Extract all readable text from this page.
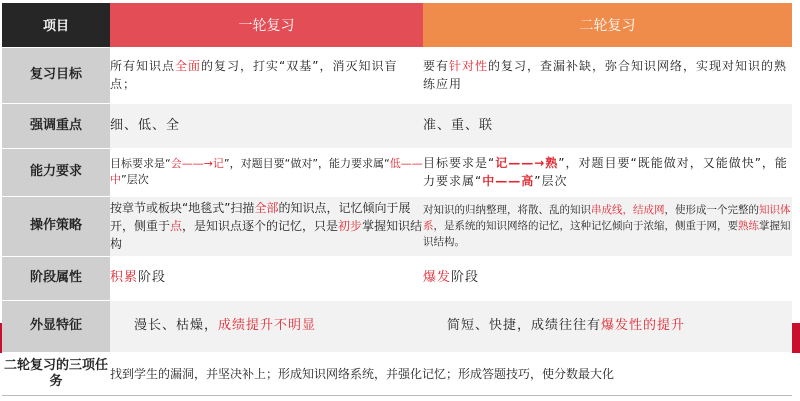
项目	一轮复习	二轮复习
复习目标	所有知识点全面的复习，打实“双基”，消灭知识盲点；	要有针对性的复习，查漏补缺，弥合知识网络，实现对知识的熟练应用
强调重点	细、低、全	准、重、联
能力要求	目标要求是“会——→记”，对题目要“做对”，能力要求属“低——中”层次	目标要求是“记——→熟”，对题目要“既能做对，又能做快”，能力要求属“中——高”层次
操作策略	按章节或板块“地毯式”扫描全部的知识点，记忆倾向于展开，侧重于点，是知识点逐个的记忆，只是初步掌握知识结构	对知识的归纳整理，将散、乱的知识串成线，结成网，使形成一个完整的知识体系，是系统的知识网络的记忆，这种记忆倾向于浓缩，侧重于网，要熟练掌握知识结构。
阶段属性	积累阶段	爆发阶段
外显特征	漫长、枯燥，成绩提升不明显	简短、快捷，成绩往往有爆发性的提升
二轮复习的三项任务	找到学生的漏洞，并坚决补上；形成知识网络系统，并强化记忆；形成答题技巧，使分数最大化	
